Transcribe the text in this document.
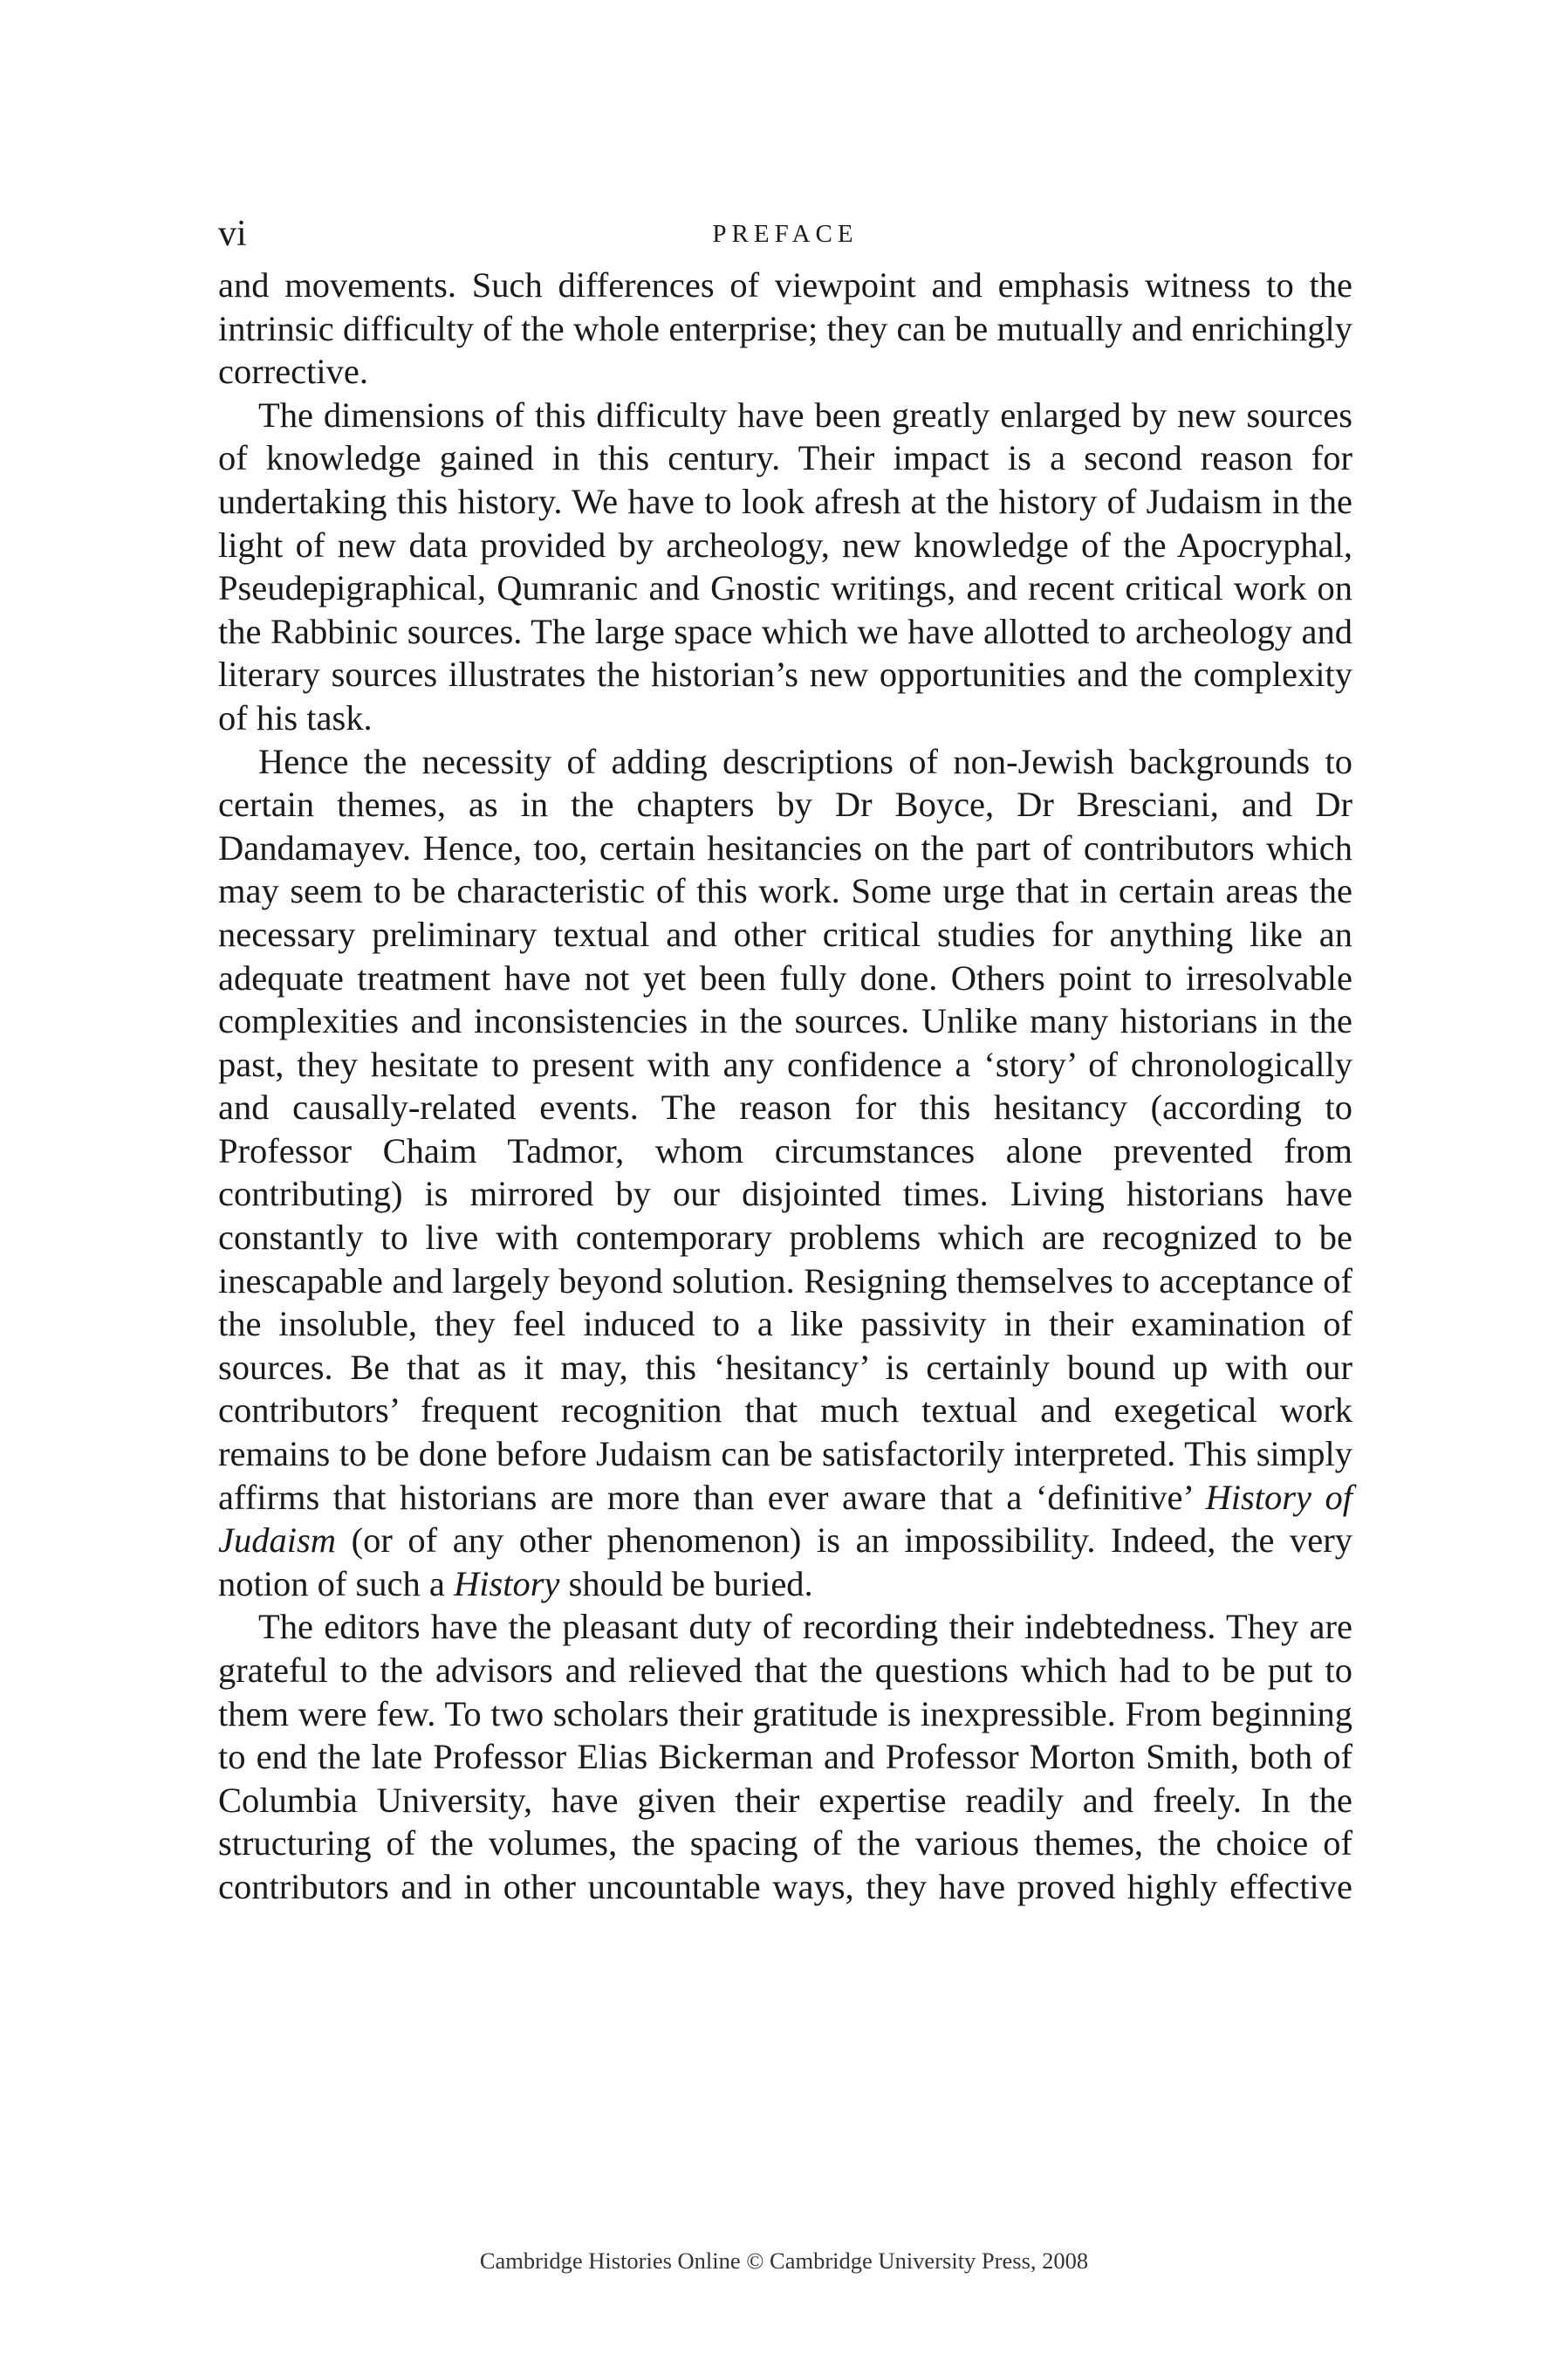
vi	PREFACE

and movements. Such differences of viewpoint and emphasis witness to the intrinsic difficulty of the whole enterprise; they can be mutually and enrichingly corrective.

The dimensions of this difficulty have been greatly enlarged by new sources of knowledge gained in this century. Their impact is a second reason for undertaking this history. We have to look afresh at the history of Judaism in the light of new data provided by archeology, new knowledge of the Apocryphal, Pseudepigraphical, Qumranic and Gnostic writings, and recent critical work on the Rabbinic sources. The large space which we have allotted to archeology and literary sources illustrates the historian’s new opportunities and the complexity of his task.

Hence the necessity of adding descriptions of non-Jewish backgrounds to certain themes, as in the chapters by Dr Boyce, Dr Bresciani, and Dr Dandamayev. Hence, too, certain hesitancies on the part of contributors which may seem to be characteristic of this work. Some urge that in certain areas the necessary preliminary textual and other critical studies for anything like an adequate treatment have not yet been fully done. Others point to irresolvable complexities and inconsistencies in the sources. Unlike many historians in the past, they hesitate to present with any confidence a ‘story’ of chronologically and causally-related events. The reason for this hesitancy (according to Professor Chaim Tadmor, whom circumstances alone prevented from contributing) is mirrored by our disjointed times. Living historians have constantly to live with contemporary problems which are recognized to be inescapable and largely beyond solution. Resigning themselves to acceptance of the insoluble, they feel induced to a like passivity in their examination of sources. Be that as it may, this ‘hesitancy’ is certainly bound up with our contributors’ frequent recognition that much textual and exegetical work remains to be done before Judaism can be satisfactorily interpreted. This simply affirms that historians are more than ever aware that a ‘definitive’ History of Judaism (or of any other phenomenon) is an impossibility. Indeed, the very notion of such a History should be buried.

The editors have the pleasant duty of recording their indebtedness. They are grateful to the advisors and relieved that the questions which had to be put to them were few. To two scholars their gratitude is inexpressible. From beginning to end the late Professor Elias Bickerman and Professor Morton Smith, both of Columbia University, have given their expertise readily and freely. In the structuring of the volumes, the spacing of the various themes, the choice of contributors and in other uncountable ways, they have proved highly effective

Cambridge Histories Online © Cambridge University Press, 2008
